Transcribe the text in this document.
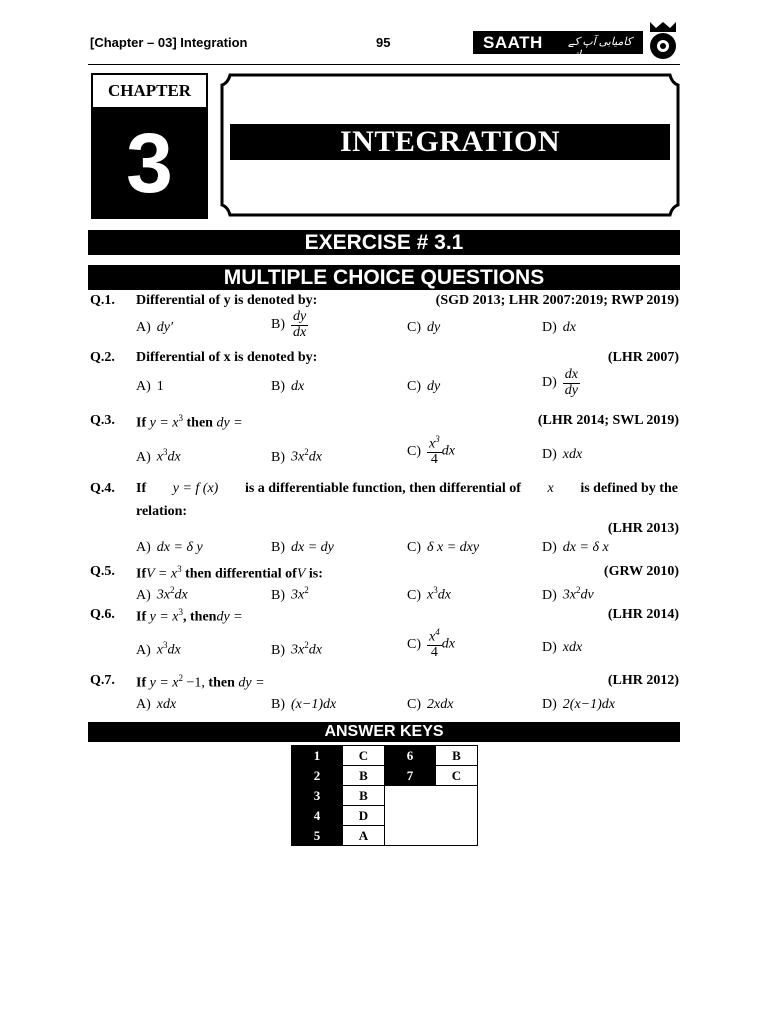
[Chapter – 03] Integration	95	SAATH کامیابی آپ کے ساتھ
CHAPTER
3	INTEGRATION
EXERCISE # 3.1
MULTIPLE CHOICE QUESTIONS
Q.1. Differential of y is denoted by:	(SGD 2013; LHR 2007:2019; RWP 2019)
A) dy′	$B) \frac{dy}{dx}$	C) dy	D) dx
Q.2. Differential of x is denoted by:	(LHR 2007)
A) 1	B) dx	C) dy	$D) \frac{dx}{dy}$
Q.3. If $y = x^3$ then dy =	(LHR 2014; SWL 2019)
A) $x^3dx$	B) $3x^2dx$	$C) \frac{x^3}{4}$ dx	D) xdx
Q.4. If y = f (x) is a differentiable function, then differential of x is defined by the
relation:
(LHR 2013)
A) dx = δ y	B) dx = dy	C) δ x = dxy	D) dx = δ x
Q.5. IfV = $x^3$ then differential ofV is:	(GRW 2010)
A) $3x^2dx$	B) $3x^2$	C) $x^3dx$	D) $3x^2dv$
Q.6. If $y = x^3$, thendy =	(LHR 2014)
A) $x^3dx$	B) $3x^2dx$	$C) \frac{x^4}{4}$ dx	D) xdx
Q.7. If $y = x^2 -1$, then dy =	(LHR 2012)
A) xdx	B) (x−1)dx	C) 2xdx	D) 2(x−1)dx
ANSWER KEYS
1	C	6	B
2	B	7	C
3	B		
4	D		
5	A		
